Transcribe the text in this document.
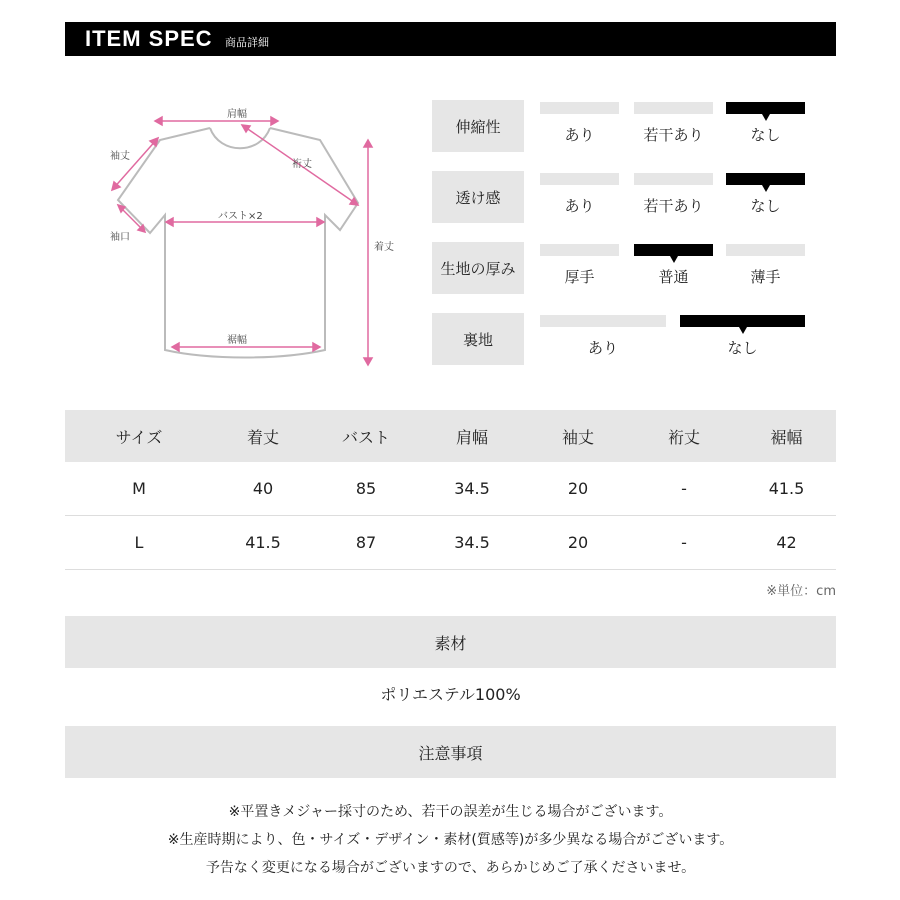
ITEM SPEC 商品詳細
肩幅
袖丈
裄丈
バスト×2
袖口
着丈
裾幅
伸縮性	あり	若干あり	なし
透け感	あり	若干あり	なし
生地の厚み	厚手	普通	薄手
裏地	あり	なし
サイズ	着丈	バスト	肩幅	袖丈	裄丈	裾幅
M	40	85	34.5	20	-	41.5
L	41.5	87	34.5	20	-	42
※単位：cm
素材
ポリエステル100%
注意事項
※平置きメジャー採寸のため、若干の誤差が生じる場合がございます。
※生産時期により、色・サイズ・デザイン・素材(質感等)が多少異なる場合がございます。
予告なく変更になる場合がございますので、あらかじめご了承くださいませ。
